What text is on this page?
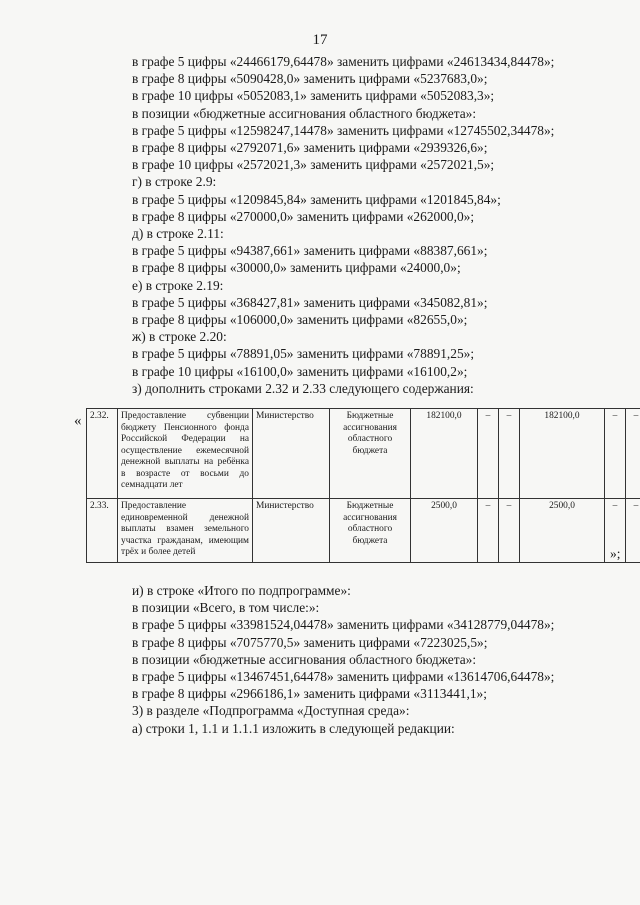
17
в графе 5 цифры «24466179,64478» заменить цифрами «24613434,84478»;
в графе 8 цифры «5090428,0» заменить цифрами «5237683,0»;
в графе 10 цифры «5052083,1» заменить цифрами «5052083,3»;
в позиции «бюджетные ассигнования областного бюджета»:
в графе 5 цифры «12598247,14478» заменить цифрами «12745502,34478»;
в графе 8 цифры «2792071,6» заменить цифрами «2939326,6»;
в графе 10 цифры «2572021,3» заменить цифрами «2572021,5»;
г) в строке 2.9:
в графе 5 цифры «1209845,84» заменить цифрами «1201845,84»;
в графе 8 цифры «270000,0» заменить цифрами «262000,0»;
д) в строке 2.11:
в графе 5 цифры «94387,661» заменить цифрами «88387,661»;
в графе 8 цифры «30000,0» заменить цифрами «24000,0»;
е) в строке 2.19:
в графе 5 цифры «368427,81» заменить цифрами «345082,81»;
в графе 8 цифры «106000,0» заменить цифрами «82655,0»;
ж) в строке 2.20:
в графе 5 цифры «78891,05» заменить цифрами «78891,25»;
в графе 10 цифры «16100,0» заменить цифрами «16100,2»;
з) дополнить строками 2.32 и 2.33 следующего содержания:
« 2.32.	Предоставление субвенции бюджету Пенсионного фонда Российской Федерации на осуществление ежемесячной денежной выплаты на ребёнка в возрасте от восьми до семнадцати лет	Министерство	Бюджетные ассигнования областного бюджета	182100,0	–	–	182100,0	–	–
2.33.	Предоставление единовременной денежной выплаты взамен земельного участка гражданам, имеющим трёх и более детей	Министерство	Бюджетные ассигнования областного бюджета	2500,0	–	–	2500,0	–	–
»;
и) в строке «Итого по подпрограмме»:
в позиции «Всего, в том числе:»:
в графе 5 цифры «33981524,04478» заменить цифрами «34128779,04478»;
в графе 8 цифры «7075770,5» заменить цифрами «7223025,5»;
в позиции «бюджетные ассигнования областного бюджета»:
в графе 5 цифры «13467451,64478» заменить цифрами «13614706,64478»;
в графе 8 цифры «2966186,1» заменить цифрами «3113441,1»;
3) в разделе «Подпрограмма «Доступная среда»:
а) строки 1, 1.1 и 1.1.1 изложить в следующей редакции:
